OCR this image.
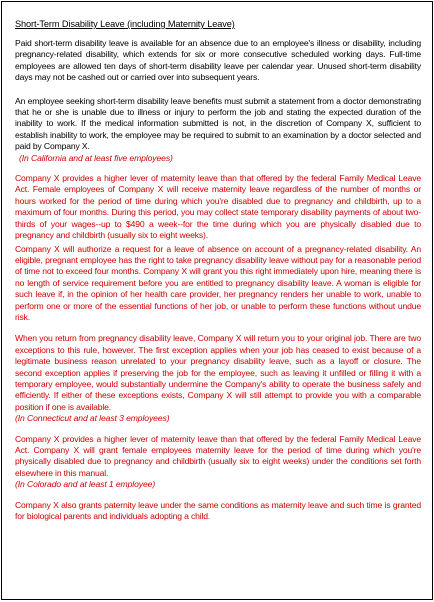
Short-Term Disability Leave (including Maternity Leave)

Paid short-term disability leave is available for an absence due to an employee's illness or disability, including pregnancy-related disability, which extends for six or more consecutive scheduled working days. Full-time employees are allowed ten days of short-term disability leave per calendar year. Unused short-term disability days may not be cashed out or carried over into subsequent years.

An employee seeking short-term disability leave benefits must submit a statement from a doctor demonstrating that he or she is unable due to illness or injury to perform the job and stating the expected duration of the inability to work. If the medical information submitted is not, in the discretion of Company X, sufficient to establish inability to work, the employee may be required to submit to an examination by a doctor selected and paid by Company X.

(In California and at least five employees)

Company X provides a higher lever of maternity leave than that offered by the federal Family Medical Leave Act. Female employees of Company X will receive maternity leave regardless of the number of months or hours worked for the period of time during which you're disabled due to pregnancy and childbirth, up to a maximum of four months. During this period, you may collect state temporary disability payments of about two-thirds of your wages--up to $490 a week--for the time during which you are physically disabled due to pregnancy and childbirth (usually six to eight weeks).

Company X will authorize a request for a leave of absence on account of a pregnancy-related disability. An eligible, pregnant employee has the right to take pregnancy disability leave without pay for a reasonable period of time not to exceed four months. Company X will grant you this right immediately upon hire, meaning there is no length of service requirement before you are entitled to pregnancy disability leave. A woman is eligible for such leave if, in the opinion of her health care provider, her pregnancy renders her unable to work, unable to perform one or more of the essential functions of her job, or unable to perform these functions without undue risk.

When you return from pregnancy disability leave, Company X will return you to your original job. There are two exceptions to this rule, however. The first exception applies when your job has ceased to exist because of a legitimate business reason unrelated to your pregnancy disability leave, such as a layoff or closure. The second exception applies if preserving the job for the employee, such as leaving it unfilled or filling it with a temporary employee, would substantially undermine the Company's ability to operate the business safely and efficiently. If either of these exceptions exists, Company X will still attempt to provide you with a comparable position if one is available.

(In Connecticut and at least 3 employees)

Company X provides a higher lever of maternity leave than that offered by the federal Family Medical Leave Act. Company X will grant female employees maternity leave for the period of time during which you're physically disabled due to pregnancy and childbirth (usually six to eight weeks) under the conditions set forth elsewhere in this manual.

(In Colorado and at least 1 employee)

Company X also grants paternity leave under the same conditions as maternity leave and such time is granted for biological parents and individuals adopting a child.
